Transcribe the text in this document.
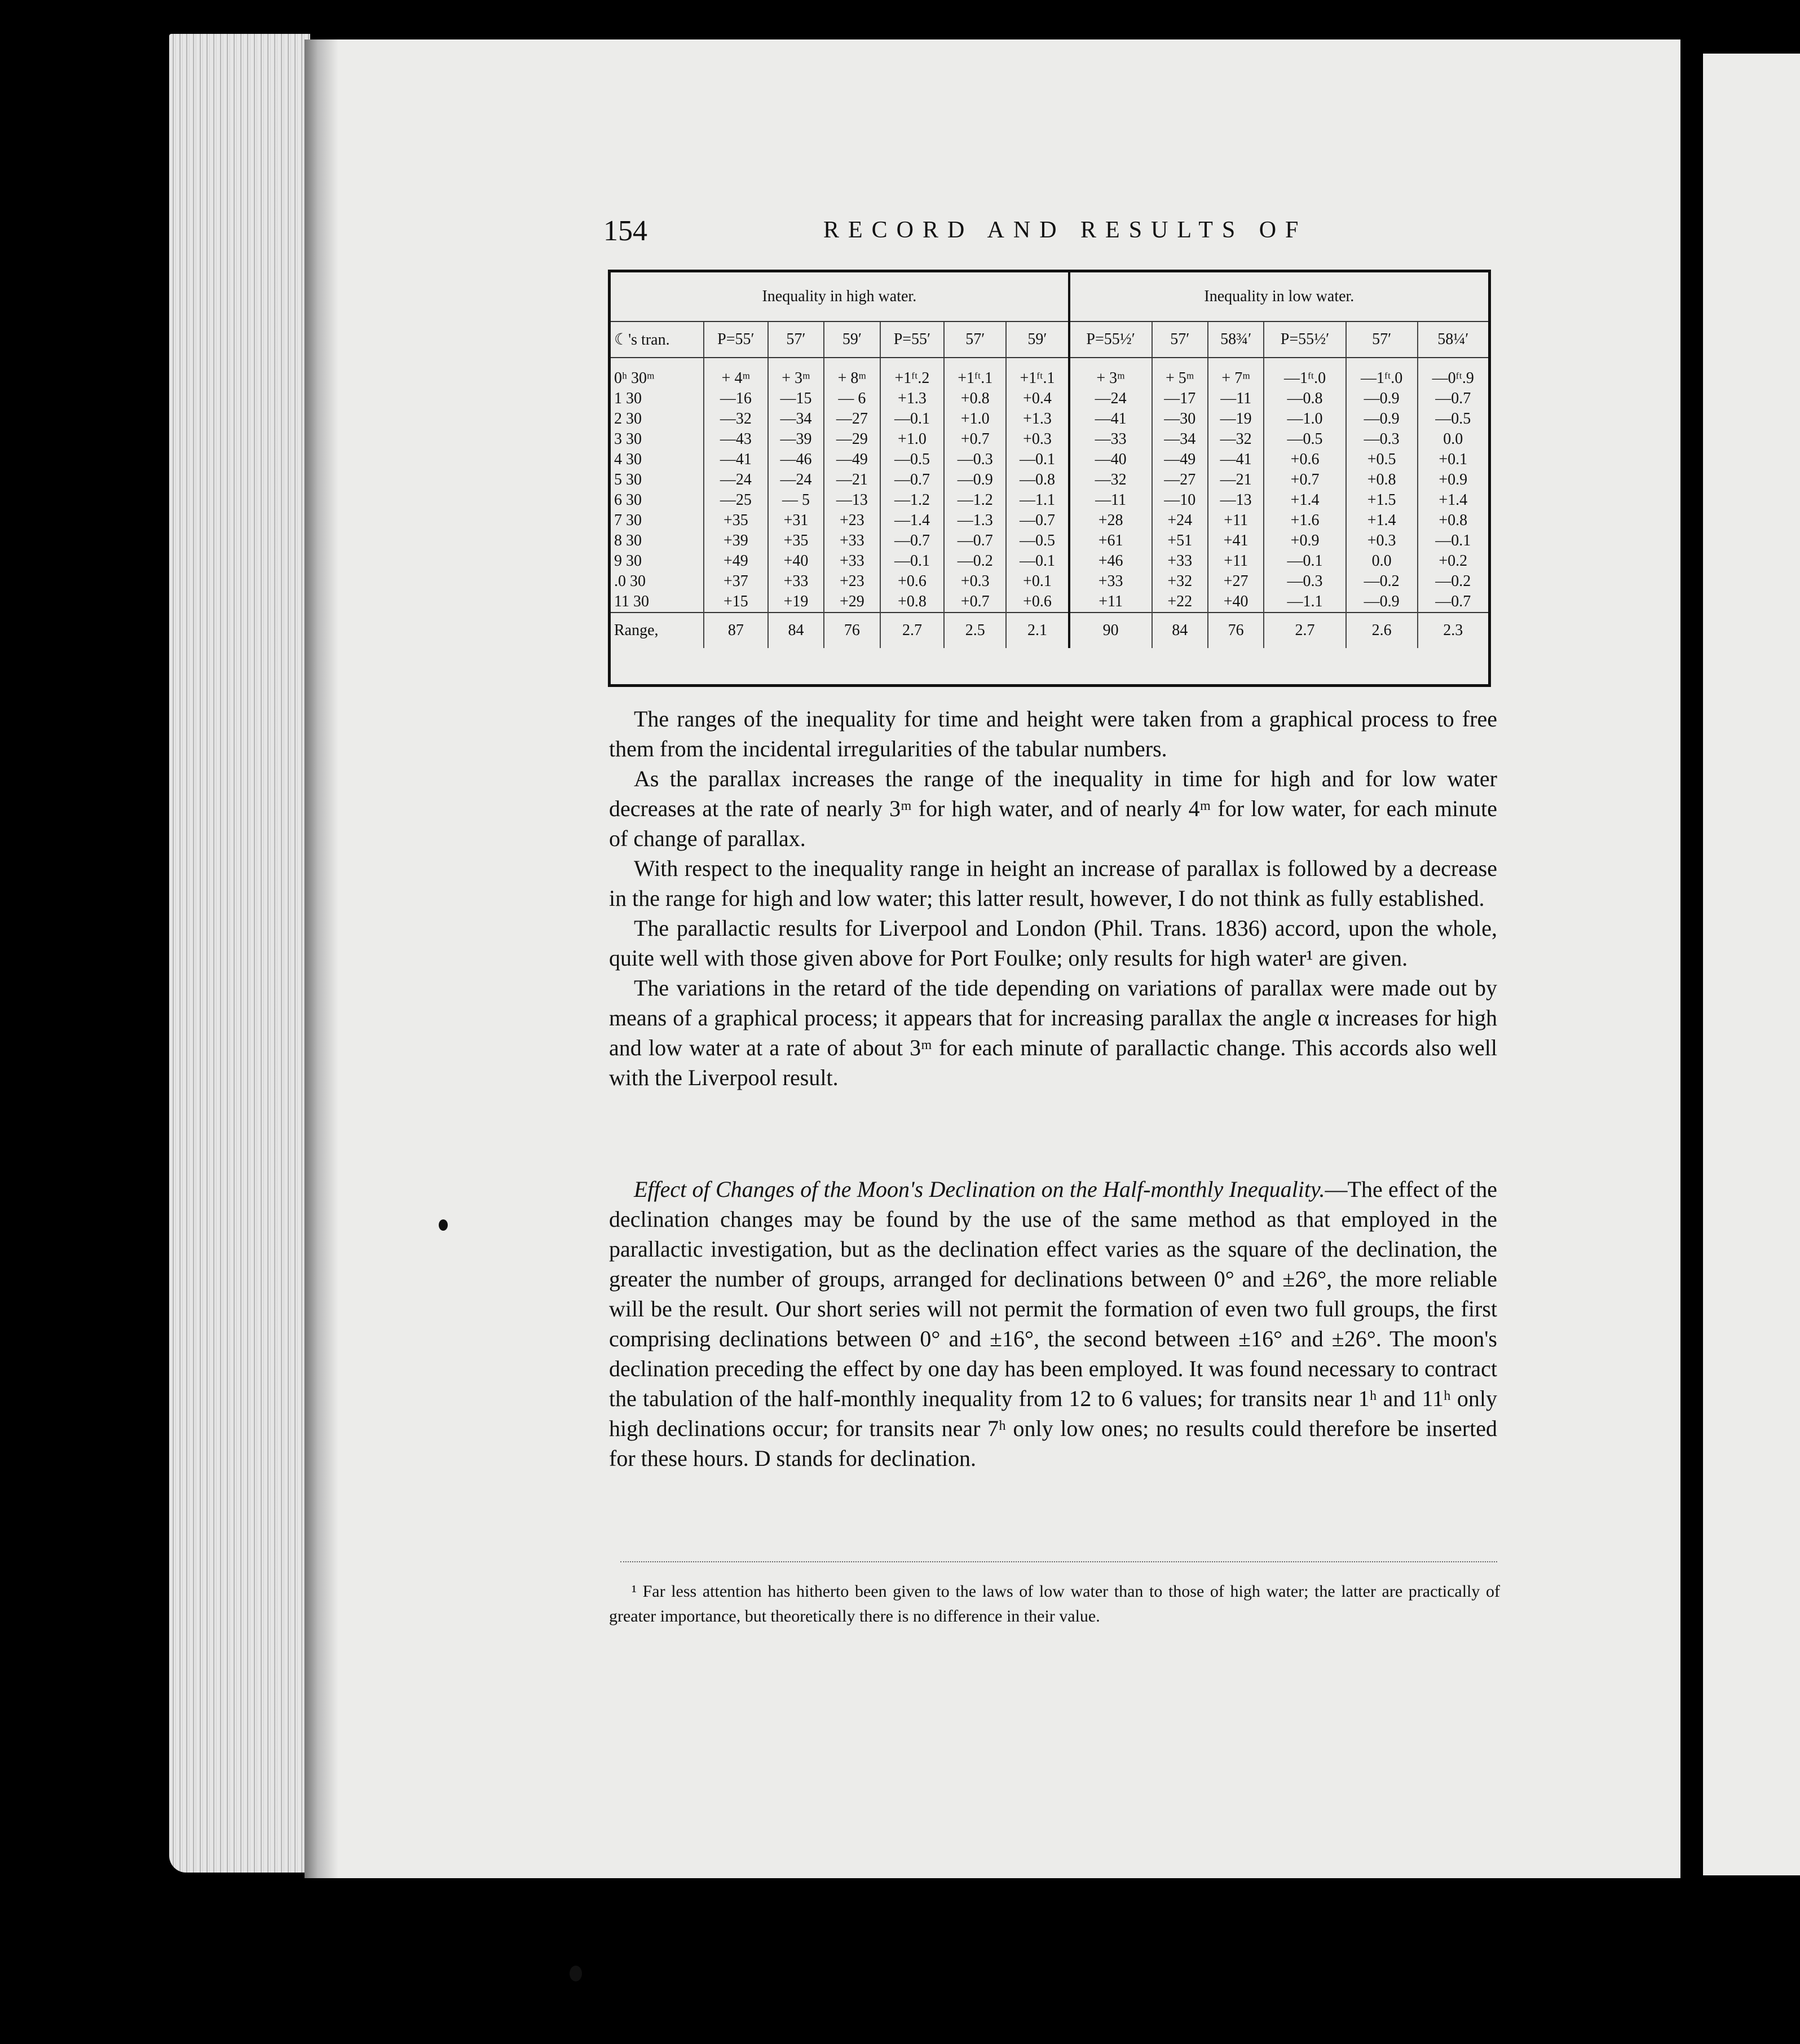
154	RECORD AND RESULTS OF
Inequality in high water.							Inequality in low water.					
☾'s tran.	P=55′	57′	59′	P=55′	57′	59′	P=55½′	57′	58¾′	P=55½′	57′	58¼′
0ʰ 30ᵐ	+ 4ᵐ	+ 3ᵐ	+ 8ᵐ	+1ᶠᵗ.2	+1ᶠᵗ.1	+1ᶠᵗ.1	+ 3ᵐ	+ 5ᵐ	+ 7ᵐ	—1ᶠᵗ.0	—1ᶠᵗ.0	—0ᶠᵗ.9
1 30	—16	—15	— 6	+1.3	+0.8	+0.4	—24	—17	—11	—0.8	—0.9	—0.7
2 30	—32	—34	—27	—0.1	+1.0	+1.3	—41	—30	—19	—1.0	—0.9	—0.5
3 30	—43	—39	—29	+1.0	+0.7	+0.3	—33	—34	—32	—0.5	—0.3	0.0
4 30	—41	—46	—49	—0.5	—0.3	—0.1	—40	—49	—41	+0.6	+0.5	+0.1
5 30	—24	—24	—21	—0.7	—0.9	—0.8	—32	—27	—21	+0.7	+0.8	+0.9
6 30	—25	— 5	—13	—1.2	—1.2	—1.1	—11	—10	—13	+1.4	+1.5	+1.4
7 30	+35	+31	+23	—1.4	—1.3	—0.7	+28	+24	+11	+1.6	+1.4	+0.8
8 30	+39	+35	+33	—0.7	—0.7	—0.5	+61	+51	+41	+0.9	+0.3	—0.1
9 30	+49	+40	+33	—0.1	—0.2	—0.1	+46	+33	+11	—0.1	0.0	+0.2
.0 30	+37	+33	+23	+0.6	+0.3	+0.1	+33	+32	+27	—0.3	—0.2	—0.2
11 30	+15	+19	+29	+0.8	+0.7	+0.6	+11	+22	+40	—1.1	—0.9	—0.7
Range,	87	84	76	2.7	2.5	2.1	90	84	76	2.7	2.6	2.3

The ranges of the inequality for time and height were taken from a graphical process to free them from the incidental irregularities of the tabular numbers.

As the parallax increases the range of the inequality in time for high and for low water decreases at the rate of nearly 3ᵐ for high water, and of nearly 4ᵐ for low water, for each minute of change of parallax.

With respect to the inequality range in height an increase of parallax is followed by a decrease in the range for high and low water; this latter result, however, I do not think as fully established.

The parallactic results for Liverpool and London (Phil. Trans. 1836) accord, upon the whole, quite well with those given above for Port Foulke; only results for high water¹ are given.

The variations in the retard of the tide depending on variations of parallax were made out by means of a graphical process; it appears that for increasing parallax the angle α increases for high and low water at a rate of about 3ᵐ for each minute of parallactic change. This accords also well with the Liverpool result.

Effect of Changes of the Moon's Declination on the Half-monthly Inequality.—The effect of the declination changes may be found by the use of the same method as that employed in the parallactic investigation, but as the declination effect varies as the square of the declination, the greater the number of groups, arranged for declinations between 0° and ±26°, the more reliable will be the result. Our short series will not permit the formation of even two full groups, the first comprising declinations between 0° and ±16°, the second between ±16° and ±26°. The moon's declination preceding the effect by one day has been employed. It was found necessary to contract the tabulation of the half-monthly inequality from 12 to 6 values; for transits near 1ʰ and 11ʰ only high declinations occur; for transits near 7ʰ only low ones; no results could therefore be inserted for these hours. D stands for declination.

¹ Far less attention has hitherto been given to the laws of low water than to those of high water; the latter are practically of greater importance, but theoretically there is no difference in their value.
